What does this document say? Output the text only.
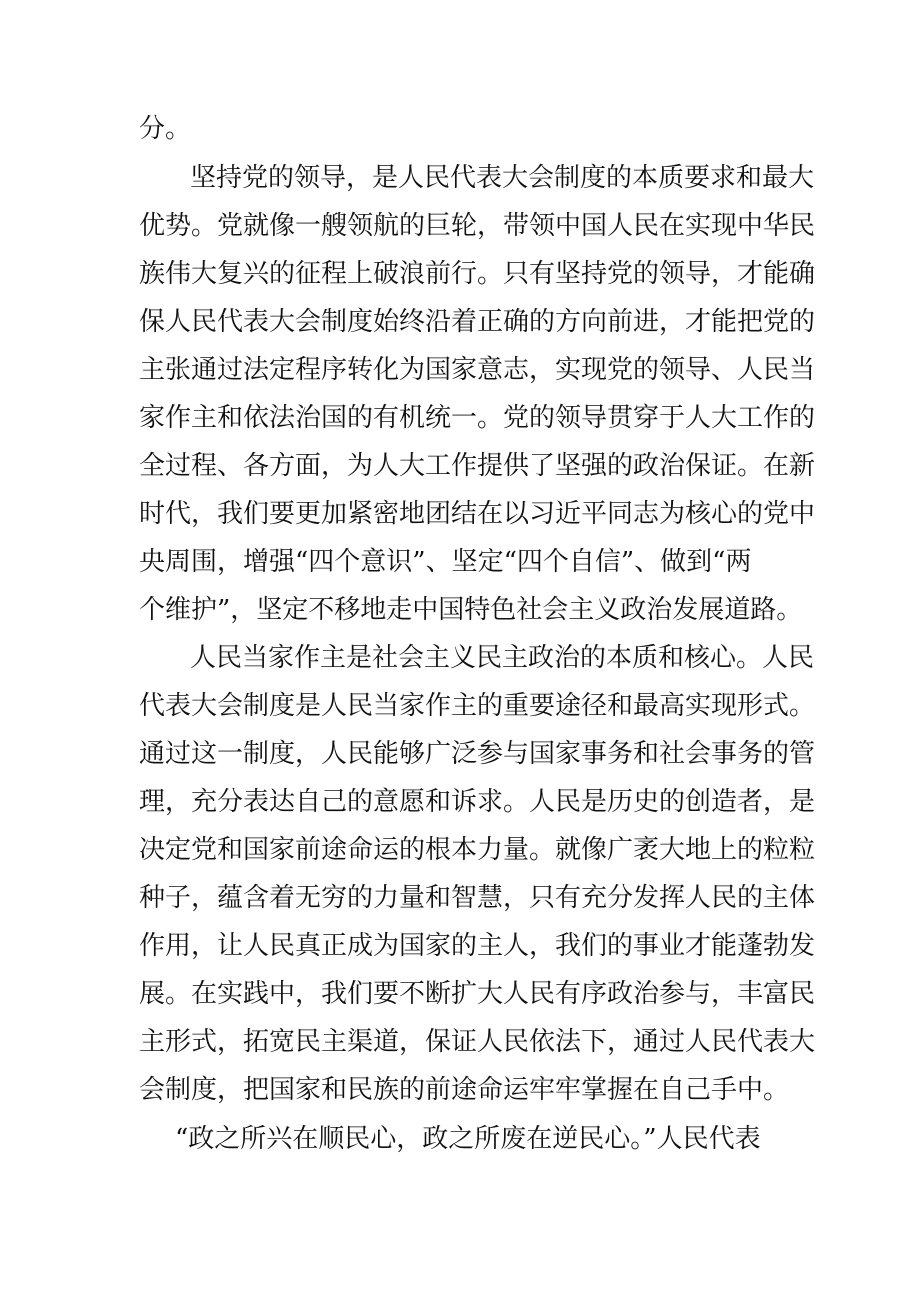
分。
坚持党的领导，是人民代表大会制度的本质要求和最大
优势。党就像一艘领航的巨轮，带领中国人民在实现中华民
族伟大复兴的征程上破浪前行。只有坚持党的领导，才能确
保人民代表大会制度始终沿着正确的方向前进，才能把党的
主张通过法定程序转化为国家意志，实现党的领导、人民当
家作主和依法治国的有机统一。党的领导贯穿于人大工作的
全过程、各方面，为人大工作提供了坚强的政治保证。在新
时代，我们要更加紧密地团结在以习近平同志为核心的党中
央周围，增强“四个意识”、坚定“四个自信”、做到“两
个维护”，坚定不移地走中国特色社会主义政治发展道路。
人民当家作主是社会主义民主政治的本质和核心。人民
代表大会制度是人民当家作主的重要途径和最高实现形式。
通过这一制度，人民能够广泛参与国家事务和社会事务的管
理，充分表达自己的意愿和诉求。人民是历史的创造者，是
决定党和国家前途命运的根本力量。就像广袤大地上的粒粒
种子，蕴含着无穷的力量和智慧，只有充分发挥人民的主体
作用，让人民真正成为国家的主人，我们的事业才能蓬勃发
展。在实践中，我们要不断扩大人民有序政治参与，丰富民
主形式，拓宽民主渠道，保证人民依法下，通过人民代表大
会制度，把国家和民族的前途命运牢牢掌握在自己手中。
“政之所兴在顺民心，政之所废在逆民心。”人民代表
